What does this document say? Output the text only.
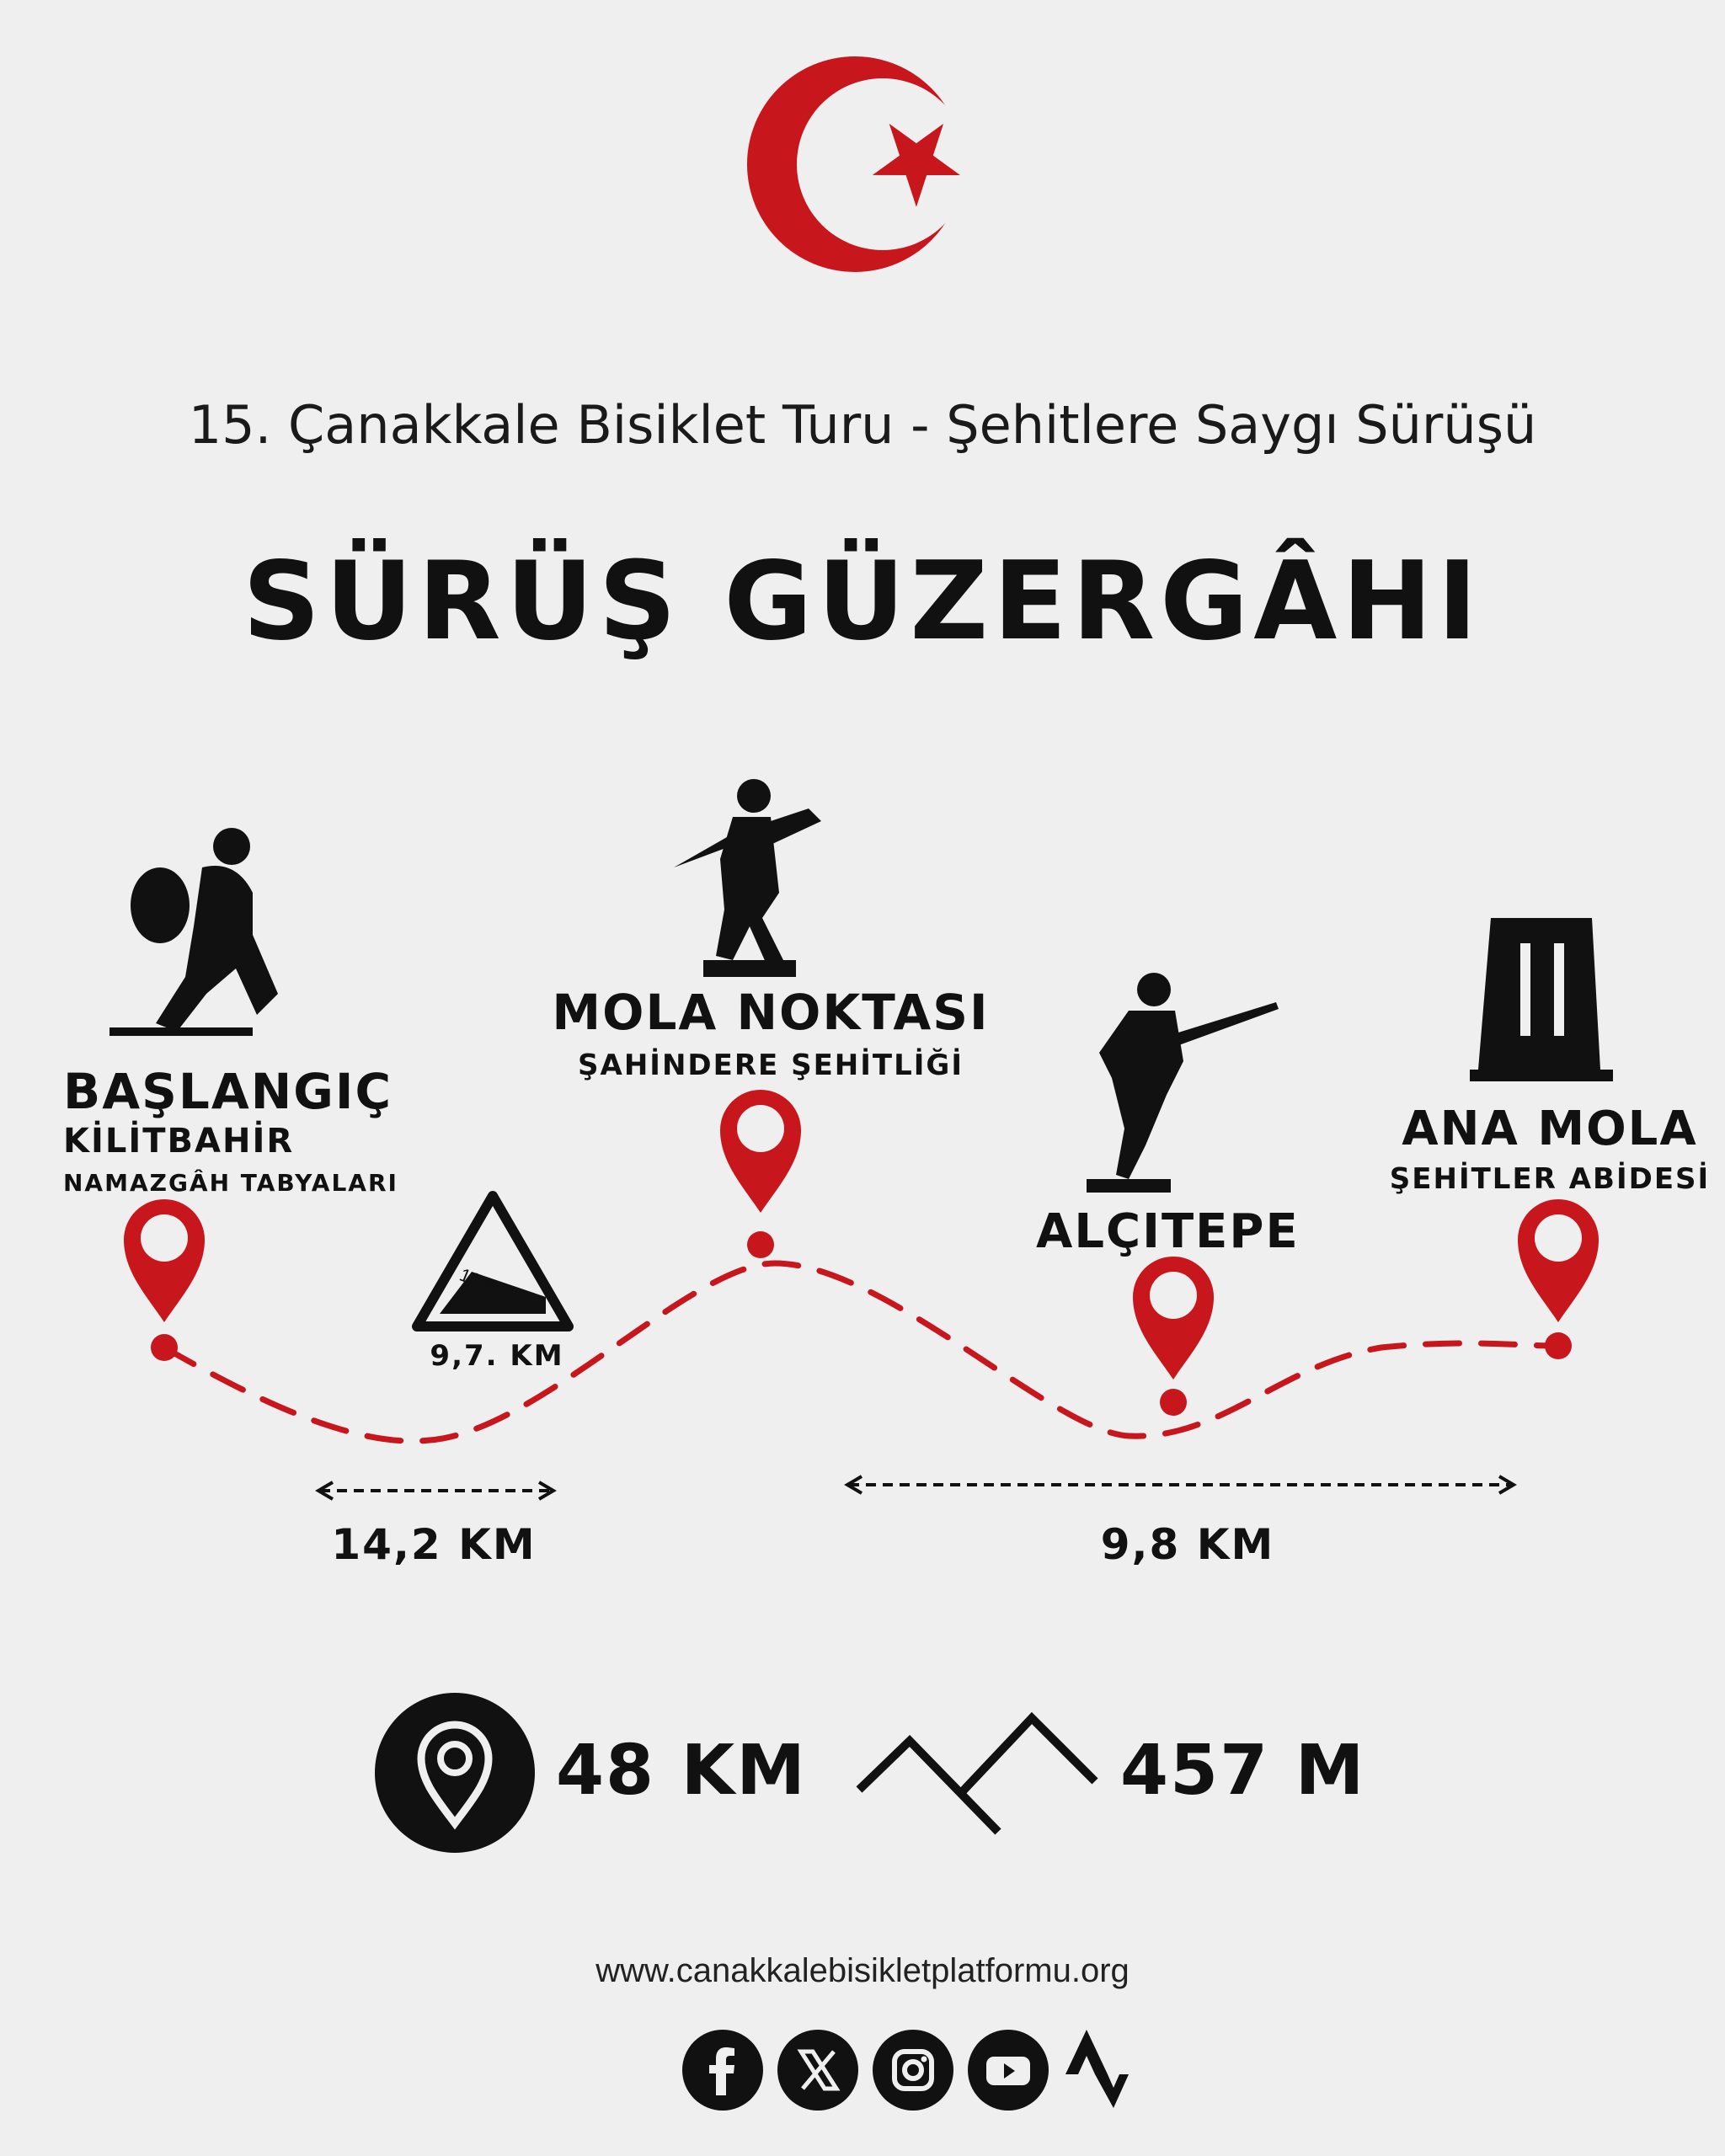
15. Çanakkale Bisiklet Turu - Şehitlere Saygı Sürüşü
SÜRÜŞ GÜZERGÂHI
BAŞLANGIÇ
KİLİTBAHİR
NAMAZGÂH TABYALARI
MOLA NOKTASI
ŞAHİNDERE ŞEHİTLİĞİ
ALÇITEPE
ANA MOLA
ŞEHİTLER ABİDESİ
10%
9,7. KM
14,2 KM	9,8 KM
48 KM	457 M
www.canakkalebisikletplatformu.org
